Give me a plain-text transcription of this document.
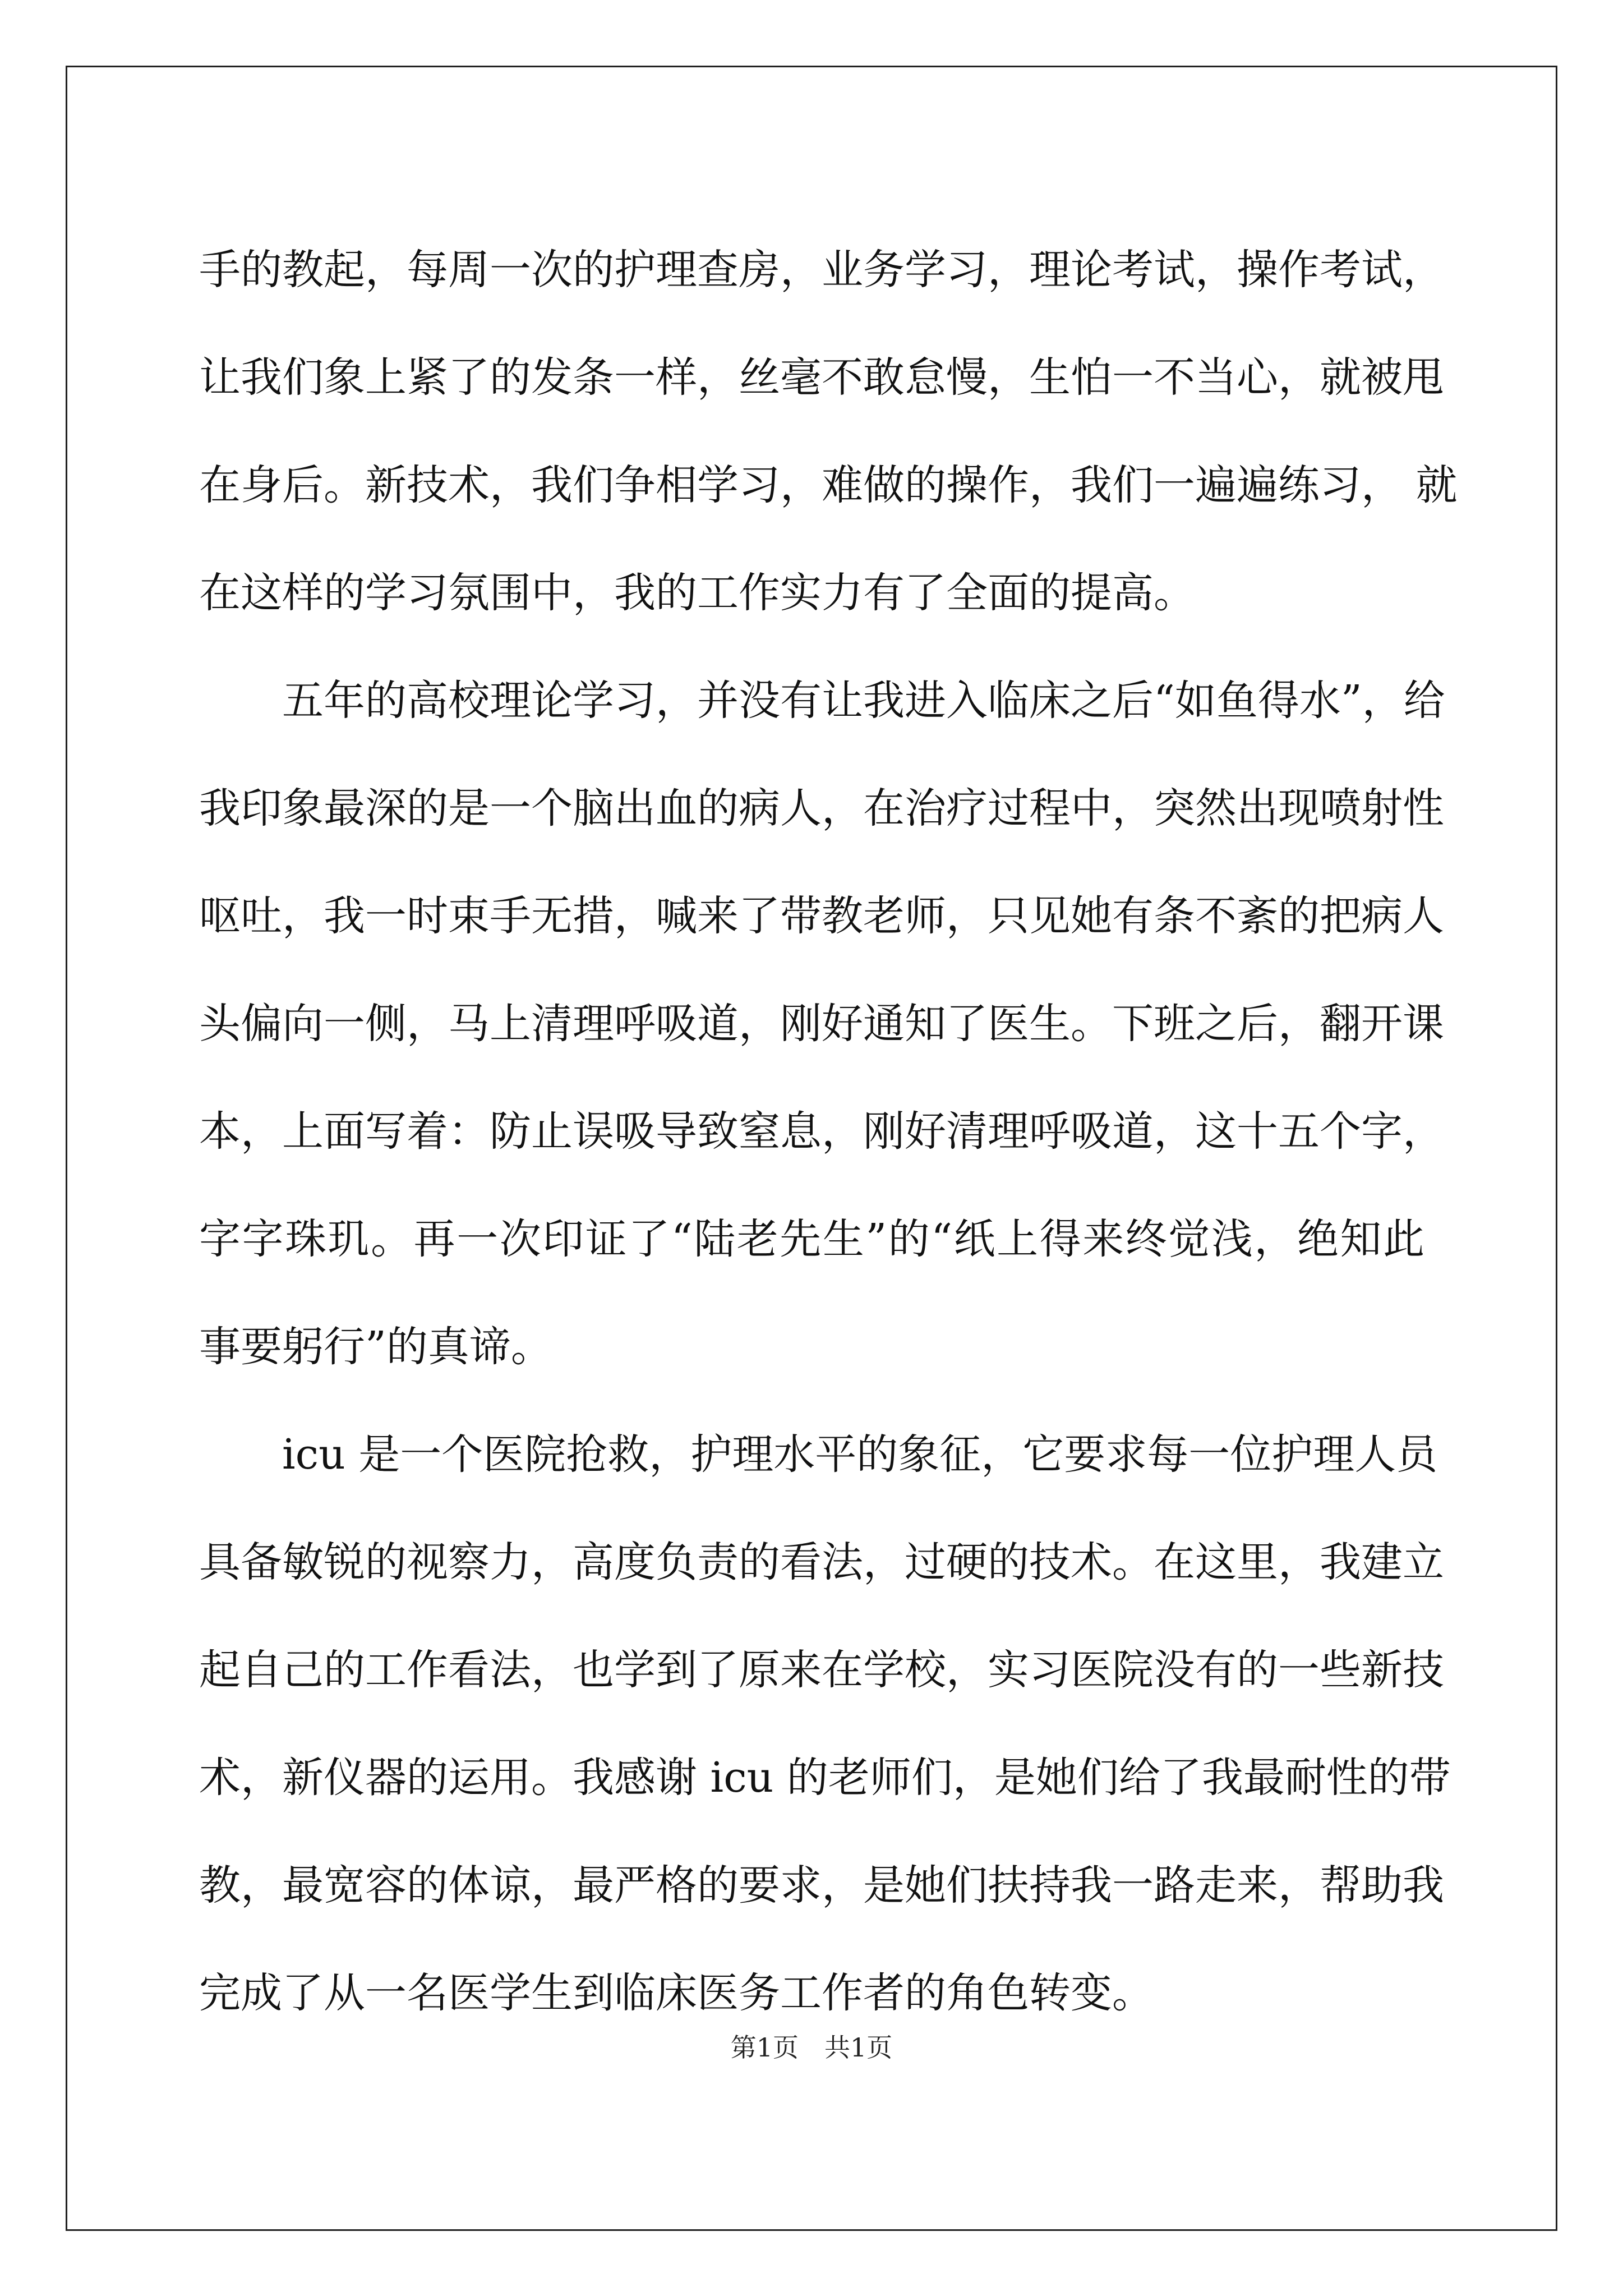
手的教起，每周一次的护理查房，业务学习，理论考试，操作考试，
让我们象上紧了的发条一样，丝毫不敢怠慢，生怕一不当心，就被甩
在身后。新技术，我们争相学习，难做的操作，我们一遍遍练习， 就
在这样的学习氛围中，我的工作实力有了全面的提高。
五年的高校理论学习，并没有让我进入临床之后“如鱼得水”，给
我印象最深的是一个脑出血的病人，在治疗过程中，突然出现喷射性
呕吐，我一时束手无措，喊来了带教老师，只见她有条不紊的把病人
头偏向一侧，马上清理呼吸道，刚好通知了医生。下班之后，翻开课
本，上面写着：防止误吸导致窒息，刚好清理呼吸道，这十五个字，
字字珠玑。再一次印证了“陆老先生”的“纸上得来终觉浅，绝知此
事要躬行”的真谛。
icu 是一个医院抢救，护理水平的象征，它要求每一位护理人员
具备敏锐的视察力，高度负责的看法，过硬的技术。在这里，我建立
起自己的工作看法，也学到了原来在学校，实习医院没有的一些新技
术，新仪器的运用。我感谢 icu 的老师们，是她们给了我最耐性的带
教，最宽容的体谅，最严格的要求，是她们扶持我一路走来，帮助我
完成了从一名医学生到临床医务工作者的角色转变。
第1页 共1页
